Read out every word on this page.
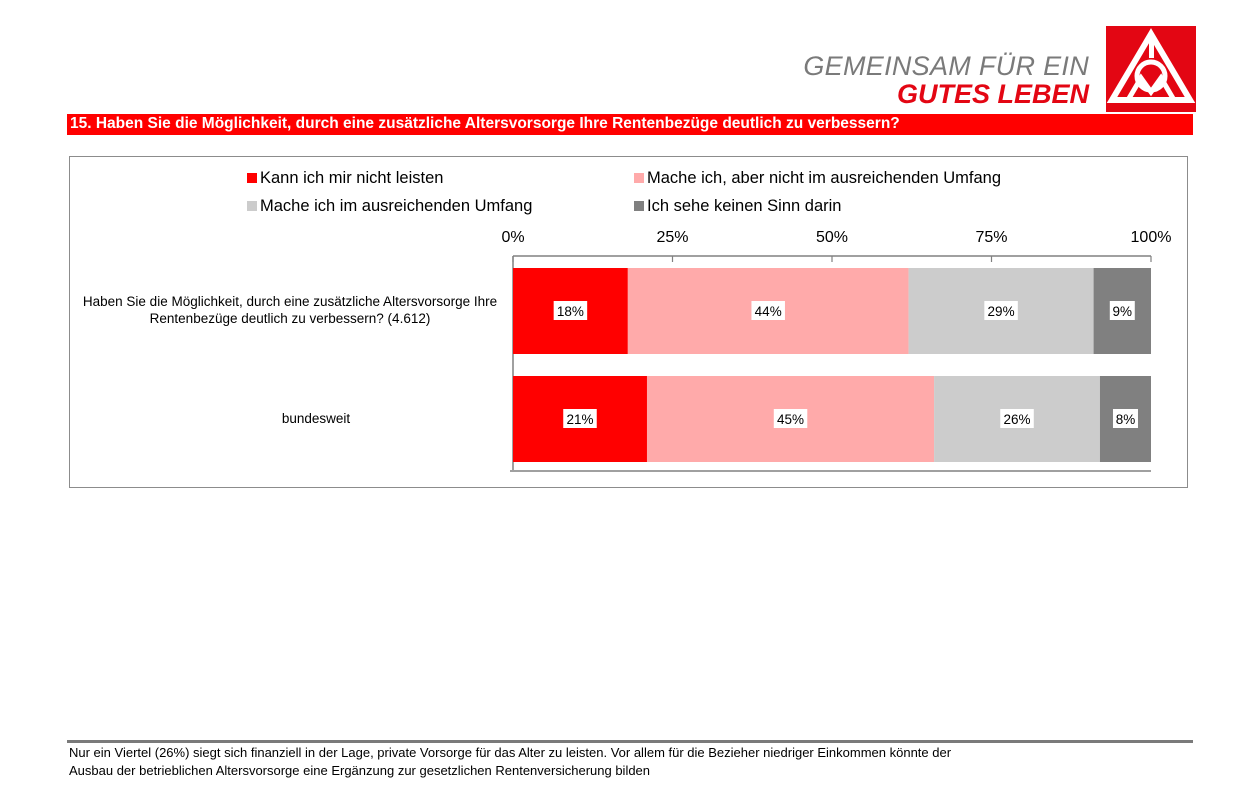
GEMEINSAM FÜR EIN
GUTES LEBEN
15. Haben Sie die Möglichkeit, durch eine zusätzliche Altersvorsorge Ihre Rentenbezüge deutlich zu verbessern?
Kann ich mir nicht leisten	Mache ich, aber nicht im ausreichenden Umfang
Mache ich im ausreichenden Umfang	Ich sehe keinen Sinn darin
Haben Sie die Möglichkeit, durch eine zusätzliche Altersvorsorge Ihre Rentenbezüge deutlich zu verbessern? (4.612)
bundesweit
0%	25%	50%	75%	100%
18%	44%	29%	9%
21%	45%	26%	8%
Nur ein Viertel (26%) siegt sich finanziell in der Lage, private Vorsorge für das Alter zu leisten. Vor allem für die Bezieher niedriger Einkommen könnte der
Ausbau der betrieblichen Altersvorsorge eine Ergänzung zur gesetzlichen Rentenversicherung bilden
